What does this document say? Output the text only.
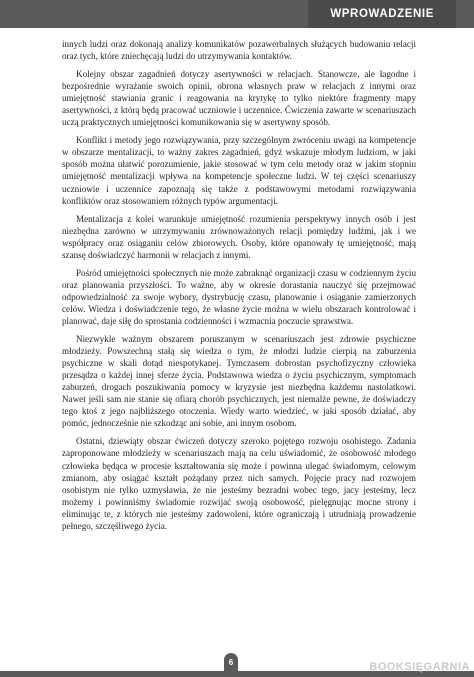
WPROWADZENIE

innych ludzi oraz dokonają analizy komunikatów pozawerbalnych służących budowaniu relacji oraz tych, które zniechęcają ludzi do utrzymywania kontaktów.

Kolejny obszar zagadnień dotyczy asertywności w relacjach. Stanowcze, ale łagodne i bezpośrednie wyrażanie swoich opinii, obrona własnych praw w relacjach z innymi oraz umiejętność stawiania granic i reagowania na krytykę to tylko niektóre fragmenty mapy asertywności, z którą będą pracować uczniowie i uczennice. Ćwiczenia zawarte w scenariuszach uczą praktycznych umiejętności komunikowania się w asertywny sposób.

Konflikt i metody jego rozwiązywania, przy szczególnym zwróceniu uwagi na kompetencje w obszarze mentalizacji, to ważny zakres zagadnień, gdyż wskazuje młodym ludziom, w jaki sposób można ułatwić porozumienie, jakie stosować w tym celu metody oraz w jakim stopniu umiejętność mentalizacji wpływa na kompetencje społeczne ludzi. W tej części scenariuszy uczniowie i uczennice zapoznają się także z podstawowymi metodami rozwiązywania konfliktów oraz stosowaniem różnych typów argumentacji.

Mentalizacja z kolei warunkuje umiejętność rozumienia perspektywy innych osób i jest niezbędna zarówno w utrzymywaniu zrównoważonych relacji pomiędzy ludźmi, jak i we współpracy oraz osiąganiu celów zbiorowych. Osoby, które opanowały tę umiejętność, mają szansę doświadczyć harmonii w relacjach z innymi.

Pośród umiejętności społecznych nie może zabraknąć organizacji czasu w codziennym życiu oraz planowania przyszłości. To ważne, aby w okresie dorastania nauczyć się przejmować odpowiedzialność za swoje wybory, dystrybucję czasu, planowanie i osiąganie zamierzonych celów. Wiedza i doświadczenie tego, że własne życie można w wielu obszarach kontrolować i planować, daje siłę do sprostania codzienności i wzmacnia poczucie sprawstwa.

Niezwykle ważnym obszarem poruszanym w scenariuszach jest zdrowie psychiczne młodzieży. Powszechną stałą się wiedza o tym, że młodzi ludzie cierpią na zaburzenia psychiczne w skali dotąd niespotykanej. Tymczasem dobrostan psychofizyczny człowieka przesądza o każdej innej sferze życia. Podstawowa wiedza o życiu psychicznym, symptomach zaburzeń, drogach poszukiwania pomocy w kryzysie jest niezbędna każdemu nastolatkowi. Nawet jeśli sam nie stanie się ofiarą chorób psychicznych, jest niemalże pewne, że doświadczy tego ktoś z jego najbliższego otoczenia. Wiedy warto wiedzieć, w jaki sposób działać, aby pomóc, jednocześnie nie szkodząc ani sobie, ani innym osobom.

Ostatni, dziewiąty obszar ćwiczeń dotyczy szeroko pojętego rozwoju osobistego. Zadania zaproponowane młodzieży w scenariuszach mają na celu uświadomić, że osobowość młodego człowieka będąca w procesie kształtowania się może i powinna ulegać świadomym, celowym zmianom, aby osiągać kształt pożądany przez nich samych. Pojęcie pracy nad rozwojem osobistym nie tylko uzmysławia, że nie jesteśmy bezradni wobec tego, jacy jesteśmy, lecz możemy i powinniśmy świadomie rozwijać swoją osobowość, pielęgnując mocne strony i eliminując te, z których nie jesteśmy zadowoleni, które ograniczają i utrudniają prowadzenie pełnego, szczęśliwego życia.

6	BOOKSIĘGARNIA
